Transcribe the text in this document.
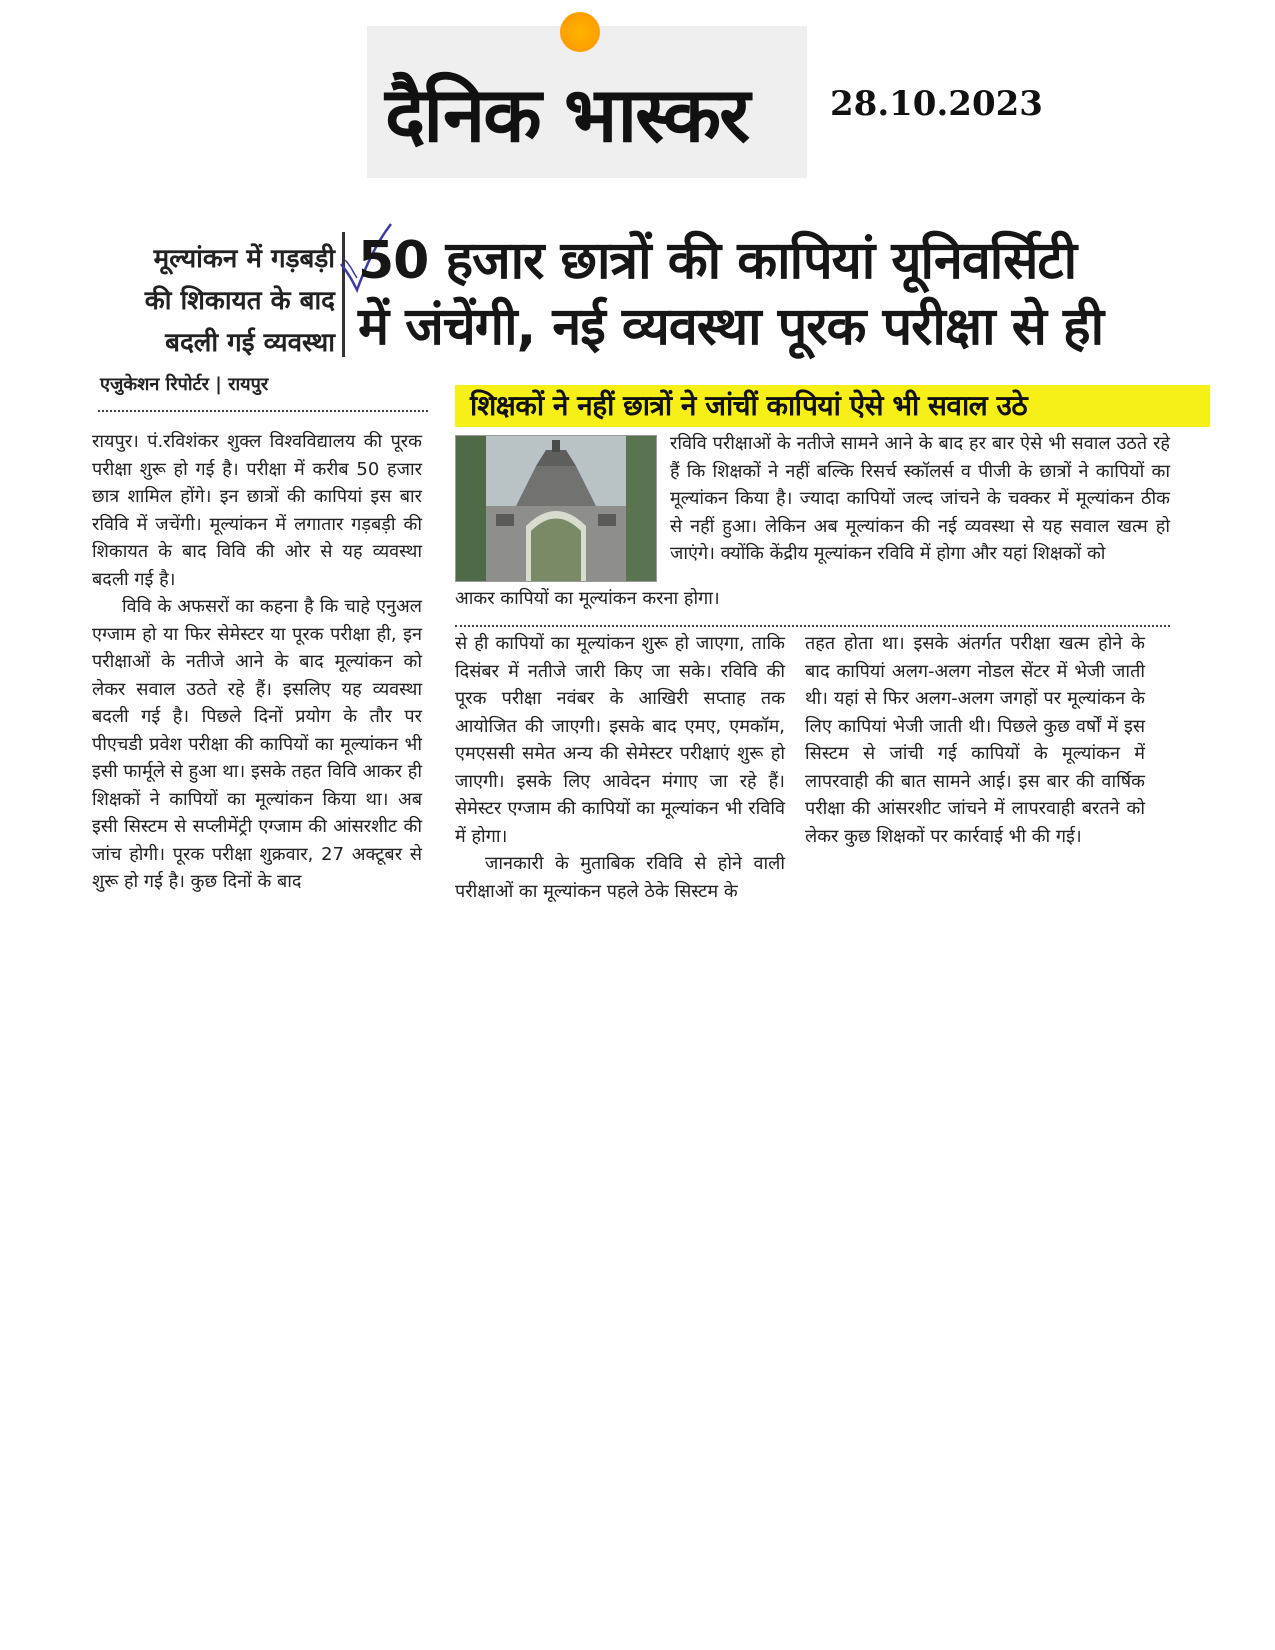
दैनिक भास्कर	28.10.2023
मूल्यांकन में गड़बड़ी
की शिकायत के बाद
बदली गई व्यवस्था
50 हजार छात्रों की कापियां यूनिवर्सिटी
में जंचेंगी, नई व्यवस्था पूरक परीक्षा से ही
एजुकेशन रिपोर्टर | रायपुर
शिक्षकों ने नहीं छात्रों ने जांचीं कापियां ऐसे भी सवाल उठे

रायपुर। पं.रविशंकर शुक्ल विश्वविद्यालय की पूरक परीक्षा शुरू हो गई है। परीक्षा में करीब 50 हजार छात्र शामिल होंगे। इन छात्रों की कापियां इस बार रविवि में जचेंगी। मूल्यांकन में लगातार गड़बड़ी की शिकायत के बाद विवि की ओर से यह व्यवस्था बदली गई है।

विवि के अफसरों का कहना है कि चाहे एनुअल एग्जाम हो या फिर सेमेस्टर या पूरक परीक्षा ही, इन परीक्षाओं के नतीजे आने के बाद मूल्यांकन को लेकर सवाल उठते रहे हैं। इसलिए यह व्यवस्था बदली गई है। पिछले दिनों प्रयोग के तौर पर पीएचडी प्रवेश परीक्षा की कापियों का मूल्यांकन भी इसी फार्मूले से हुआ था। इसके तहत विवि आकर ही शिक्षकों ने कापियों का मूल्यांकन किया था। अब इसी सिस्टम से सप्लीमेंट्री एग्जाम की आंसरशीट की जांच होगी। पूरक परीक्षा शुक्रवार, 27 अक्टूबर से शुरू हो गई है। कुछ दिनों के बाद

रविवि परीक्षाओं के नतीजे सामने आने के बाद हर बार ऐसे भी सवाल उठते रहे हैं कि शिक्षकों ने नहीं बल्कि रिसर्च स्कॉलर्स व पीजी के छात्रों ने कापियों का मूल्यांकन किया है। ज्यादा कापियों जल्द जांचने के चक्कर में मूल्यांकन ठीक से नहीं हुआ। लेकिन अब मूल्यांकन की नई व्यवस्था से यह सवाल खत्म हो जाएंगे। क्योंकि केंद्रीय मूल्यांकन रविवि में होगा और यहां शिक्षकों को
आकर कापियों का मूल्यांकन करना होगा।

से ही कापियों का मूल्यांकन शुरू हो जाएगा, ताकि दिसंबर में नतीजे जारी किए जा सके। रविवि की पूरक परीक्षा नवंबर के आखिरी सप्ताह तक आयोजित की जाएगी। इसके बाद एमए, एमकॉम, एमएससी समेत अन्य की सेमेस्टर परीक्षाएं शुरू हो जाएगी। इसके लिए आवेदन मंगाए जा रहे हैं। सेमेस्टर एग्जाम की कापियों का मूल्यांकन भी रविवि में होगा।

जानकारी के मुताबिक रविवि से होने वाली परीक्षाओं का मूल्यांकन पहले ठेके सिस्टम के

तहत होता था। इसके अंतर्गत परीक्षा खत्म होने के बाद कापियां अलग-अलग नोडल सेंटर में भेजी जाती थी। यहां से फिर अलग-अलग जगहों पर मूल्यांकन के लिए कापियां भेजी जाती थी। पिछले कुछ वर्षों में इस सिस्टम से जांची गई कापियों के मूल्यांकन में लापरवाही की बात सामने आई। इस बार की वार्षिक परीक्षा की आंसरशीट जांचने में लापरवाही बरतने को लेकर कुछ शिक्षकों पर कार्रवाई भी की गई।
